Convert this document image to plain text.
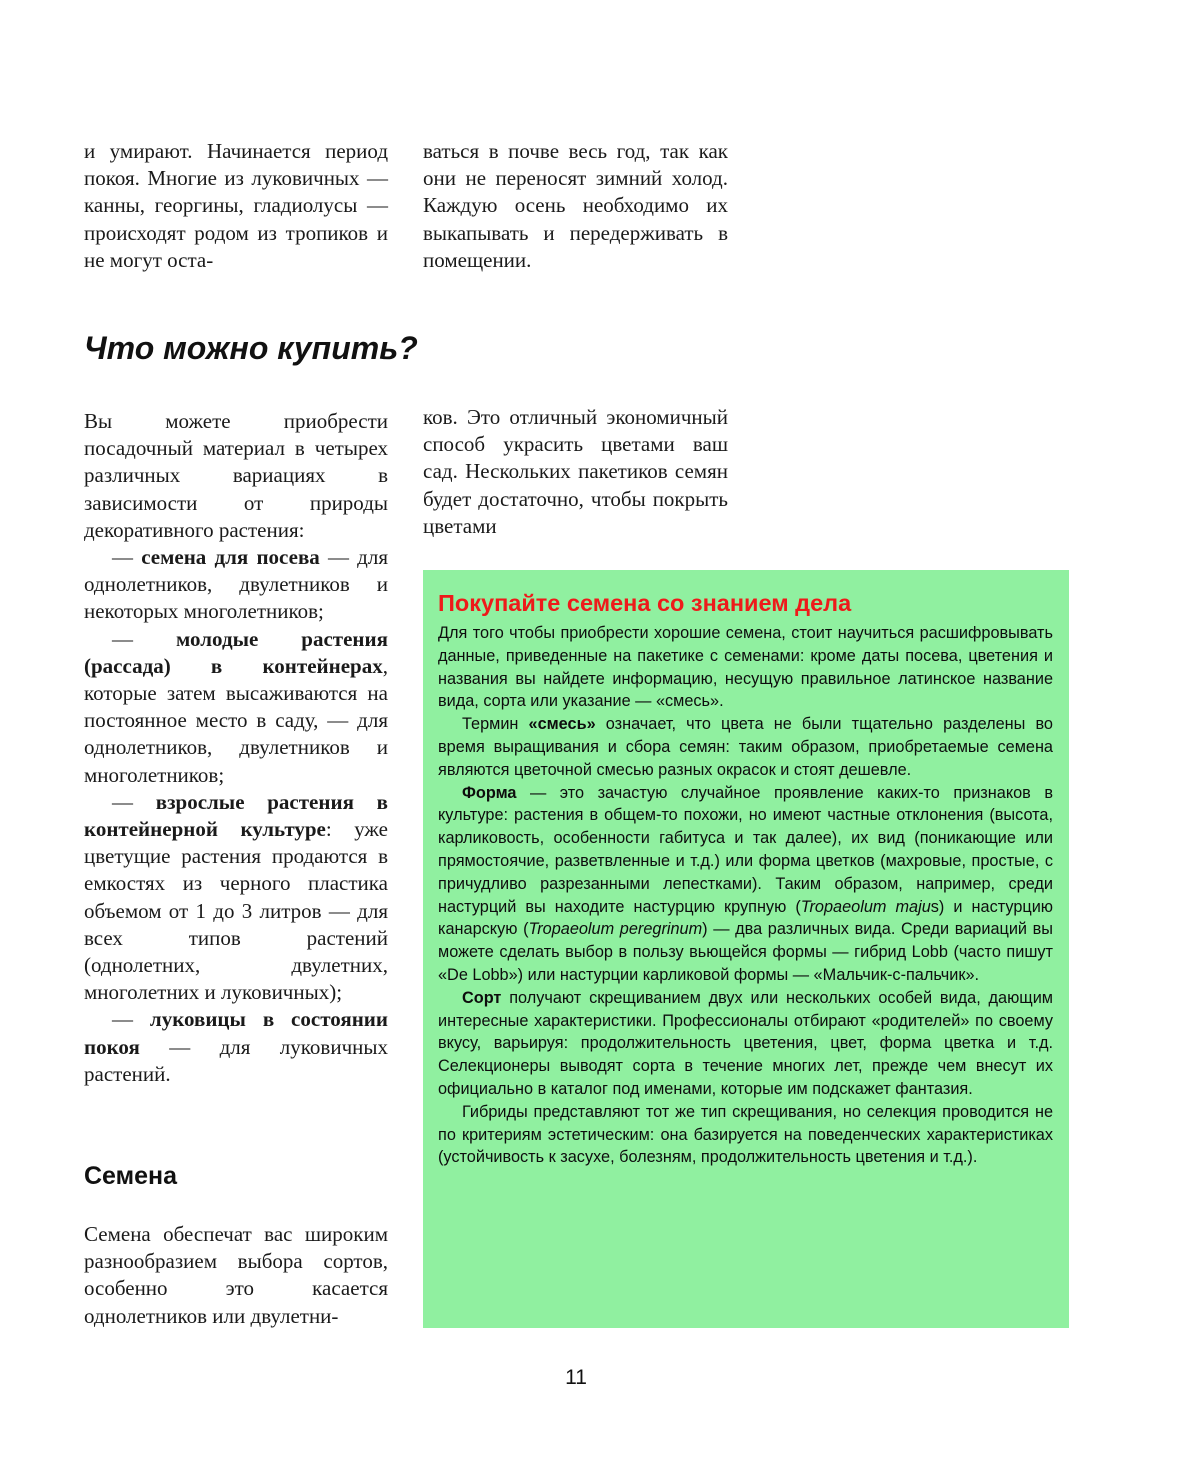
и умирают. Начинается период покоя. Многие из луковичных — канны, георгины, гладиолусы — происходят родом из тропиков и не могут оста-

ваться в почве весь год, так как они не переносят зимний холод. Каждую осень необходимо их выкапывать и передерживать в помещении.

Что можно купить?

Вы можете приобрести посадочный материал в четырех различных вариациях в зависимости от природы декоративного растения:

— семена для посева — для однолетников, двулетников и некоторых многолетников;

— молодые растения (рассада) в контейнерах, которые затем высаживаются на постоянное место в саду, — для однолетников, двулетников и многолетников;

— взрослые растения в контейнерной культуре: уже цветущие растения продаются в емкостях из черного пластика объемом от 1 до 3 литров — для всех типов растений (однолетних, двулетних, многолетних и луковичных);

— луковицы в состоянии покоя — для луковичных растений.

ков. Это отличный экономичный способ украсить цветами ваш сад. Нескольких пакетиков семян будет достаточно, чтобы покрыть цветами

Семена

Семена обеспечат вас широким разнообразием выбора сортов, особенно это касается однолетников или двулетни-

Покупайте семена со знанием дела

Для того чтобы приобрести хорошие семена, стоит научиться расшифровывать данные, приведенные на пакетике с семенами: кроме даты посева, цветения и названия вы найдете информацию, несущую правильное латинское название вида, сорта или указание — «смесь».

Термин «смесь» означает, что цвета не были тщательно разделены во время выращивания и сбора семян: таким образом, приобретаемые семена являются цветочной смесью разных окрасок и стоят дешевле.

Форма — это зачастую случайное проявление каких-то признаков в культуре: растения в общем-то похожи, но имеют частные отклонения (высота, карликовость, особенности габитуса и так далее), их вид (поникающие или прямостоячие, разветвленные и т.д.) или форма цветков (махровые, простые, с причудливо разрезанными лепестками). Таким образом, например, среди настурций вы находите настурцию крупную (Tropaeolum majus) и настурцию канарскую (Tropaeolum peregrinum) — два различных вида. Среди вариаций вы можете сделать выбор в пользу вьющейся формы — гибрид Lobb (часто пишут «De Lobb») или настурции карликовой формы — «Мальчик-с-пальчик».

Сорт получают скрещиванием двух или нескольких особей вида, дающим интересные характеристики. Профессионалы отбирают «родителей» по своему вкусу, варьируя: продолжительность цветения, цвет, форма цветка и т.д. Селекционеры выводят сорта в течение многих лет, прежде чем внесут их официально в каталог под именами, которые им подскажет фантазия.

Гибриды представляют тот же тип скрещивания, но селекция проводится не по критериям эстетическим: она базируется на поведенческих характеристиках (устойчивость к засухе, болезням, продолжительность цветения и т.д.).

11
